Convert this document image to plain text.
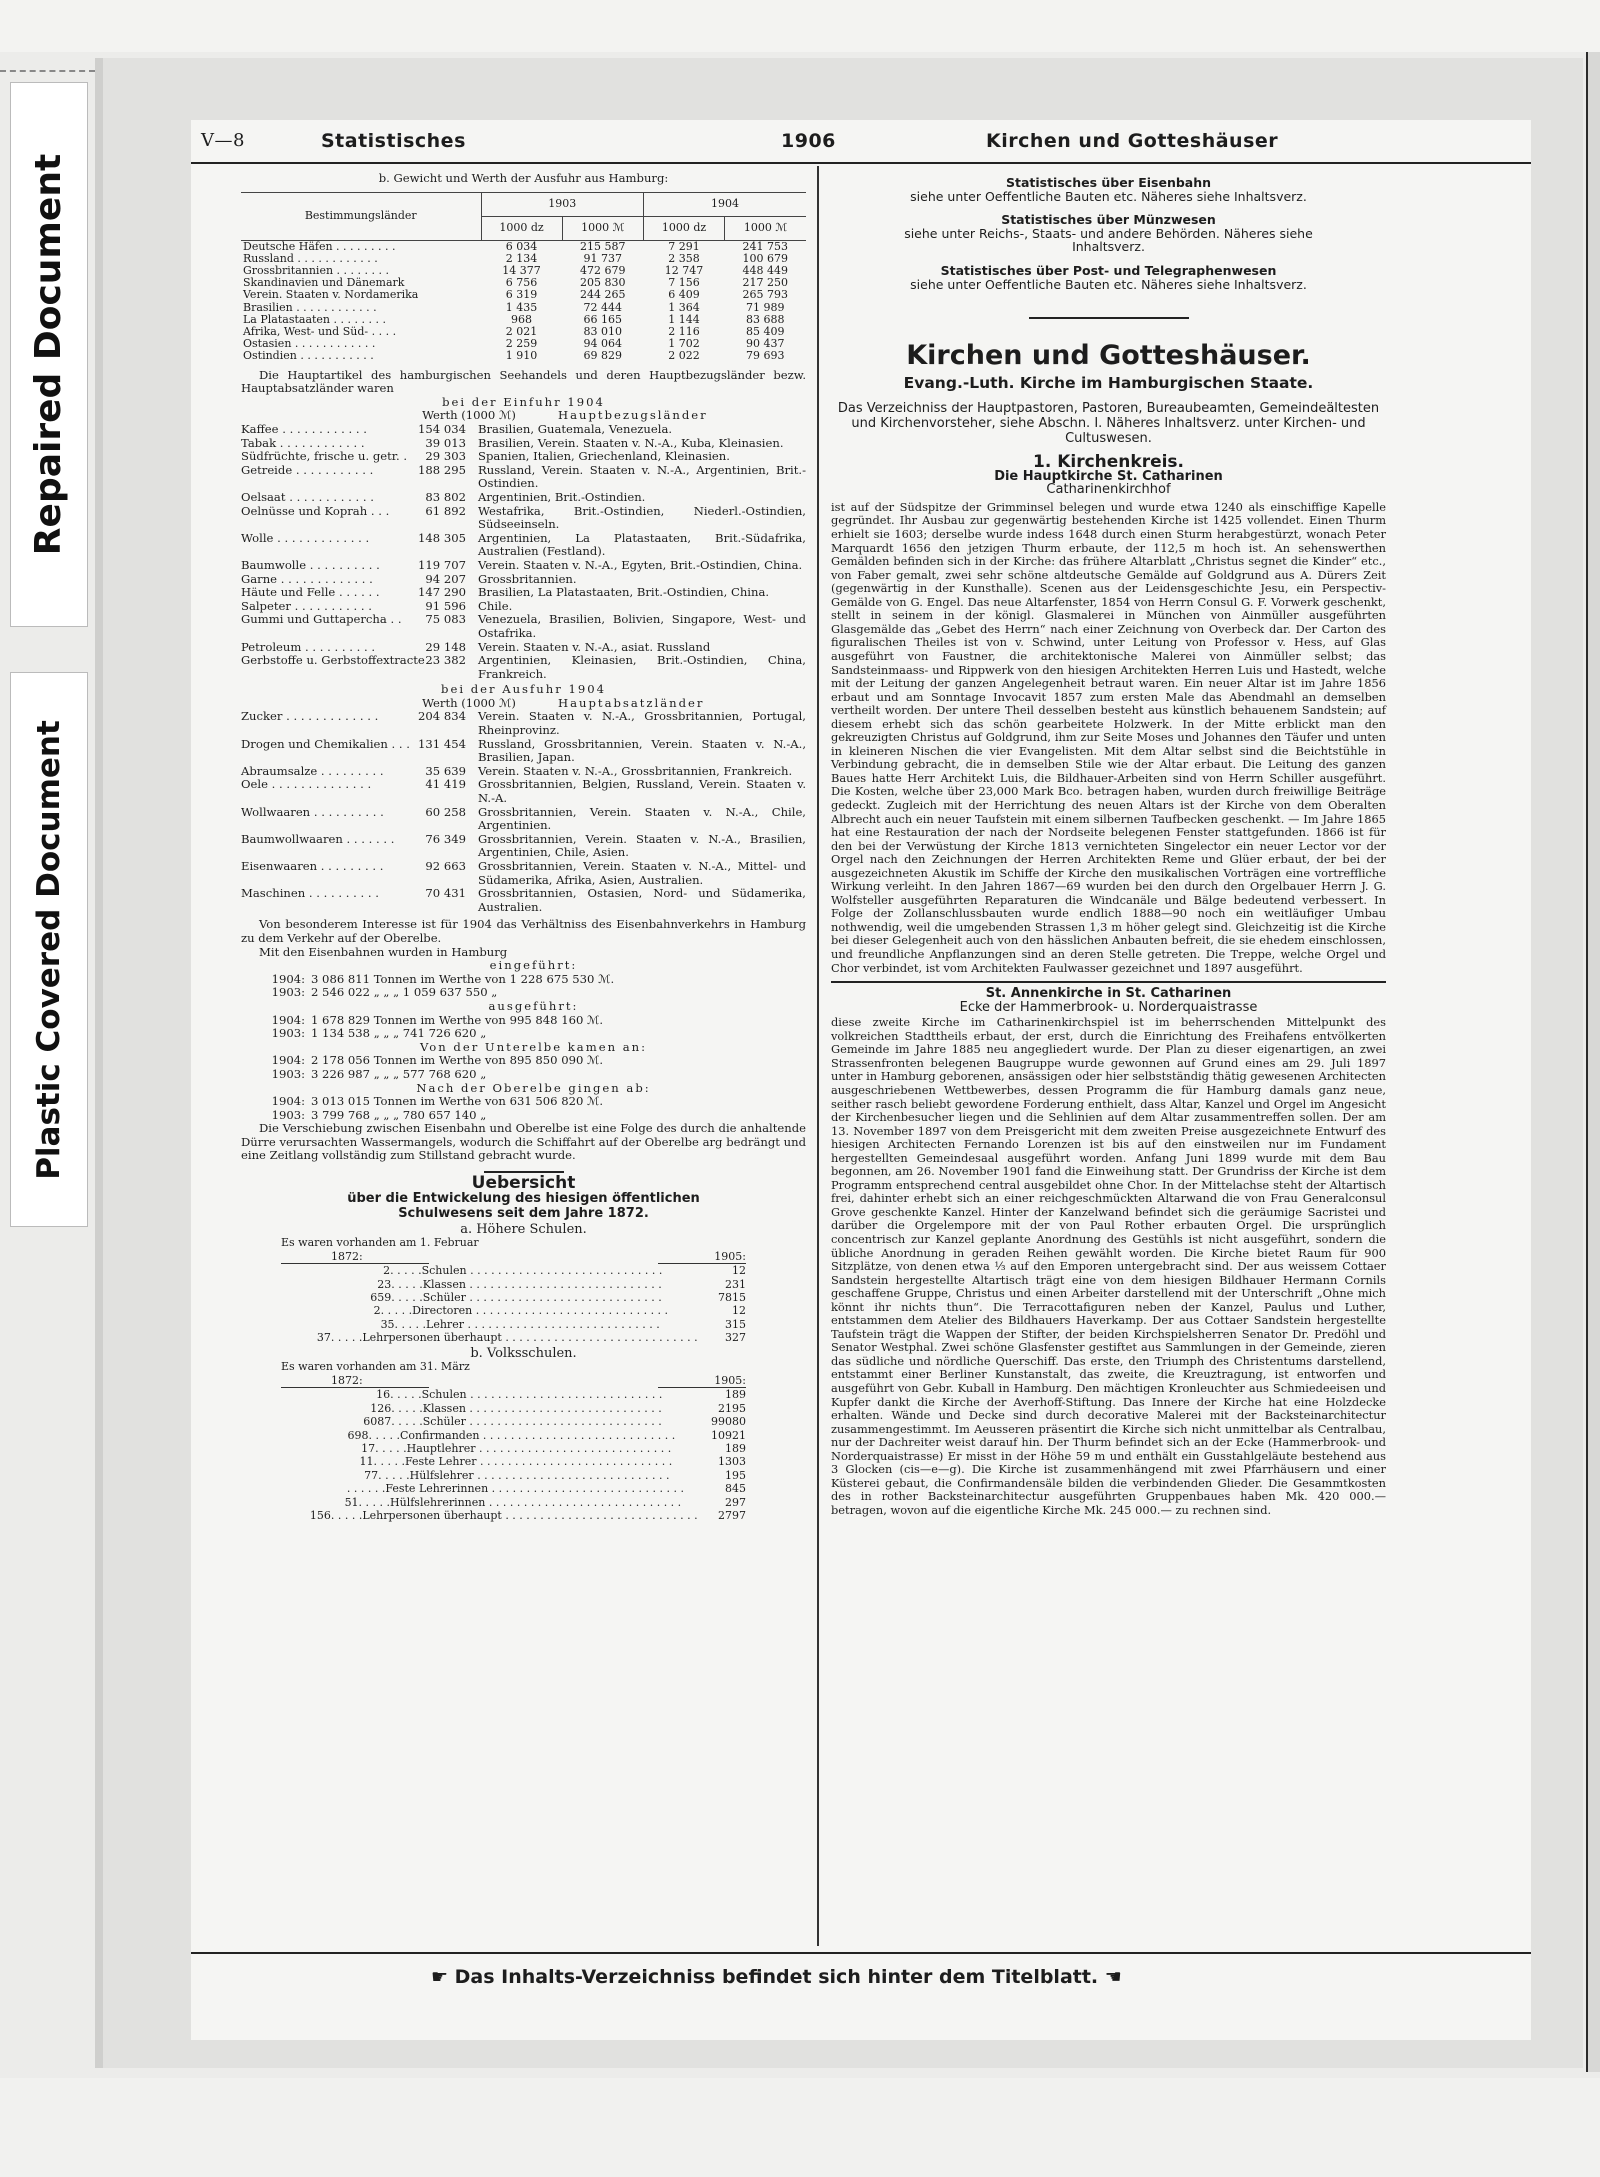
Repaired Document
Plastic Covered Document
V—8	Statistisches	1906	Kirchen und Gotteshäuser
b. Gewicht und Werth der Ausfuhr aus Hamburg:
Bestimmungsländer	1903		1904	
	1000 dz	1000 ℳ	1000 dz	1000 ℳ
Deutsche Häfen . . . . . . . . .	6 034	215 587	7 291	241 753
Russland . . . . . . . . . . . .	2 134	91 737	2 358	100 679
Grossbritannien . . . . . . . .	14 377	472 679	12 747	448 449
Skandinavien und Dänemark	6 756	205 830	7 156	217 250
Verein. Staaten v. Nordamerika	6 319	244 265	6 409	265 793
Brasilien . . . . . . . . . . . .	1 435	72 444	1 364	71 989
La Platastaaten . . . . . . . .	968	66 165	1 144	83 688
Afrika, West- und Süd- . . . .	2 021	83 010	2 116	85 409
Ostasien . . . . . . . . . . . .	2 259	94 064	1 702	90 437
Ostindien . . . . . . . . . . .	1 910	69 829	2 022	79 693
Die Hauptartikel des hamburgischen Seehandels und deren Hauptbezugsländer bezw. Hauptabsatzländer waren
bei der Einfuhr 1904
Werth (1000 ℳ)	Hauptbezugsländer
Kaffee . . . . . . . . . . . .	154 034	Brasilien, Guatemala, Venezuela.
Tabak . . . . . . . . . . . .	39 013	Brasilien, Verein. Staaten v. N.-A., Kuba, Kleinasien.
Südfrüchte, frische u. getr. .	29 303	Spanien, Italien, Griechenland, Kleinasien.
Getreide . . . . . . . . . . .	188 295	Russland, Verein. Staaten v. N.-A., Argentinien, Brit.-Ostindien.
Oelsaat . . . . . . . . . . . .	83 802	Argentinien, Brit.-Ostindien.
Oelnüsse und Koprah . . .	61 892	Westafrika, Brit.-Ostindien, Niederl.-Ostindien, Südseeinseln.
Wolle . . . . . . . . . . . . .	148 305	Argentinien, La Platastaaten, Brit.-Südafrika, Australien (Festland).
Baumwolle . . . . . . . . . .	119 707	Verein. Staaten v. N.-A., Egyten, Brit.-Ostindien, China.
Garne . . . . . . . . . . . . .	94 207	Grossbritannien.
Häute und Felle . . . . . .	147 290	Brasilien, La Platastaaten, Brit.-Ostindien, China.
Salpeter . . . . . . . . . . .	91 596	Chile.
Gummi und Guttapercha . .	75 083	Venezuela, Brasilien, Bolivien, Singapore, West- und Ostafrika.
Petroleum . . . . . . . . . .	29 148	Verein. Staaten v. N.-A., asiat. Russland
Gerbstoffe u. Gerbstoffextracte 23 382	Argentinien, Kleinasien, Brit.-Ostindien, China, Frankreich.
bei der Ausfuhr 1904
Werth (1000 ℳ)	Hauptabsatzländer
Zucker . . . . . . . . . . . . .	204 834	Verein. Staaten v. N.-A., Grossbritannien, Portugal, Rheinprovinz.
Drogen und Chemikalien . . . 131 454	Russland, Grossbritannien, Verein. Staaten v. N.-A., Brasilien, Japan.
Abraumsalze . . . . . . . . .	35 639	Verein. Staaten v. N.-A., Grossbritannien, Frankreich.
Oele . . . . . . . . . . . . . .	41 419	Grossbritannien, Belgien, Russland, Verein. Staaten v. N.-A.
Wollwaaren . . . . . . . . . .	60 258	Grossbritannien, Verein. Staaten v. N.-A., Chile, Argentinien.
Baumwollwaaren . . . . . . .	76 349	Grossbritannien, Verein. Staaten v. N.-A., Brasilien, Argentinien, Chile, Asien.
Eisenwaaren . . . . . . . . .	92 663	Grossbritannien, Verein. Staaten v. N.-A., Mittel- und Südamerika, Afrika, Asien, Australien.
Maschinen . . . . . . . . . .	70 431	Grossbritannien, Ostasien, Nord- und Südamerika, Australien.
Von besonderem Interesse ist für 1904 das Verhältniss des Eisenbahnverkehrs in Hamburg zu dem Verkehr auf der Oberelbe.
Mit den Eisenbahnen wurden in Hamburg
eingeführt:
1904: 3 086 811 Tonnen im Werthe von 1 228 675 530 ℳ.
1903: 2 546 022 „ „ „ 1 059 637 550 „
ausgeführt:
1904: 1 678 829 Tonnen im Werthe von 995 848 160 ℳ.
1903: 1 134 538 „ „ „ 741 726 620 „
Von der Unterelbe kamen an:
1904: 2 178 056 Tonnen im Werthe von 895 850 090 ℳ.
1903: 3 226 987 „ „ „ 577 768 620 „
Nach der Oberelbe gingen ab:
1904: 3 013 015 Tonnen im Werthe von 631 506 820 ℳ.
1903: 3 799 768 „ „ „ 780 657 140 „
Die Verschiebung zwischen Eisenbahn und Oberelbe ist eine Folge des durch die anhaltende Dürre verursachten Wassermangels, wodurch die Schiffahrt auf der Oberelbe arg bedrängt und eine Zeitlang vollständig zum Stillstand gebracht wurde.
Uebersicht
über die Entwickelung des hiesigen öffentlichen Schulwesens seit dem Jahre 1872.
a. Höhere Schulen.
Es waren vorhanden am 1. Februar
1872:	1905:
2. . . . . Schulen . . . . . . . . . . . . . . . . . . . . . . . . . . . .	12
23. . . . . Klassen . . . . . . . . . . . . . . . . . . . . . . . . . . . .	231
659. . . . . Schüler . . . . . . . . . . . . . . . . . . . . . . . . . . . .	7815
2. . . . . Directoren . . . . . . . . . . . . . . . . . . . . . . . . . . . .	12
35. . . . . Lehrer . . . . . . . . . . . . . . . . . . . . . . . . . . . .	315
37. . . . . Lehrpersonen überhaupt . . . . . . . . . . . . . . . . . . . . . . . . . . . .	327
b. Volksschulen.
Es waren vorhanden am 31. März
1872:	1905:
16. . . . . Schulen . . . . . . . . . . . . . . . . . . . . . . . . . . . .	189
126. . . . . Klassen . . . . . . . . . . . . . . . . . . . . . . . . . . . .	2195
6087. . . . . Schüler . . . . . . . . . . . . . . . . . . . . . . . . . . . .	99080
698. . . . . Confirmanden . . . . . . . . . . . . . . . . . . . . . . . . . . . .	10921
17. . . . . Hauptlehrer . . . . . . . . . . . . . . . . . . . . . . . . . . . .	189
11. . . . . Feste Lehrer . . . . . . . . . . . . . . . . . . . . . . . . . . . .	1303
77. . . . . Hülfslehrer . . . . . . . . . . . . . . . . . . . . . . . . . . . .	195
. . . . . . Feste Lehrerinnen . . . . . . . . . . . . . . . . . . . . . . . . . . . .	845
51. . . . . Hülfslehrerinnen . . . . . . . . . . . . . . . . . . . . . . . . . . . .	297
156. . . . . Lehrpersonen überhaupt . . . . . . . . . . . . . . . . . . . . . . . . . . . .	2797
Statistisches über Eisenbahn
siehe unter Oeffentliche Bauten etc. Näheres siehe Inhaltsverz.
Statistisches über Münzwesen
siehe unter Reichs-, Staats- und andere Behörden. Näheres siehe Inhaltsverz.
Statistisches über Post- und Telegraphenwesen
siehe unter Oeffentliche Bauten etc. Näheres siehe Inhaltsverz.
Kirchen und Gotteshäuser.
Evang.-Luth. Kirche im Hamburgischen Staate.
Das Verzeichniss der Hauptpastoren, Pastoren, Bureaubeamten, Gemeindeältesten und Kirchenvorsteher, siehe Abschn. I. Näheres Inhaltsverz. unter Kirchen- und Cultuswesen.
1. Kirchenkreis.
Die Hauptkirche St. Catharinen
Catharinenkirchhof
ist auf der Südspitze der Grimminsel belegen und wurde etwa 1240 als einschiffige Kapelle gegründet. Ihr Ausbau zur gegenwärtig bestehenden Kirche ist 1425 vollendet. Einen Thurm erhielt sie 1603; derselbe wurde indess 1648 durch einen Sturm herabgestürzt, wonach Peter Marquardt 1656 den jetzigen Thurm erbaute, der 112,5 m hoch ist. An sehenswerthen Gemälden befinden sich in der Kirche: das frühere Altarblatt „Christus segnet die Kinder“ etc., von Faber gemalt, zwei sehr schöne altdeutsche Gemälde auf Goldgrund aus A. Dürers Zeit (gegenwärtig in der Kunsthalle). Scenen aus der Leidensgeschichte Jesu, ein Perspectiv-Gemälde von G. Engel. Das neue Altarfenster, 1854 von Herrn Consul G. F. Vorwerk geschenkt, stellt in seinem in der königl. Glasmalerei in München von Ainmüller ausgeführten Glasgemälde das „Gebet des Herrn“ nach einer Zeichnung von Overbeck dar. Der Carton des figuralischen Theiles ist von v. Schwind, unter Leitung von Professor v. Hess, auf Glas ausgeführt von Faustner, die architektonische Malerei von Ainmüller selbst; das Sandsteinmaass- und Rippwerk von den hiesigen Architekten Herren Luis und Hastedt, welche mit der Leitung der ganzen Angelegenheit betraut waren. Ein neuer Altar ist im Jahre 1856 erbaut und am Sonntage Invocavit 1857 zum ersten Male das Abendmahl an demselben vertheilt worden. Der untere Theil desselben besteht aus künstlich behauenem Sandstein; auf diesem erhebt sich das schön gearbeitete Holzwerk. In der Mitte erblickt man den gekreuzigten Christus auf Goldgrund, ihm zur Seite Moses und Johannes den Täufer und unten in kleineren Nischen die vier Evangelisten. Mit dem Altar selbst sind die Beichtstühle in Verbindung gebracht, die in demselben Stile wie der Altar erbaut. Die Leitung des ganzen Baues hatte Herr Architekt Luis, die Bildhauer-Arbeiten sind von Herrn Schiller ausgeführt. Die Kosten, welche über 23,000 Mark Bco. betragen haben, wurden durch freiwillige Beiträge gedeckt. Zugleich mit der Herrichtung des neuen Altars ist der Kirche von dem Oberalten Albrecht auch ein neuer Taufstein mit einem silbernen Taufbecken geschenkt. — Im Jahre 1865 hat eine Restauration der nach der Nordseite belegenen Fenster stattgefunden. 1866 ist für den bei der Verwüstung der Kirche 1813 vernichteten Singelector ein neuer Lector vor der Orgel nach den Zeichnungen der Herren Architekten Reme und Glüer erbaut, der bei der ausgezeichneten Akustik im Schiffe der Kirche den musikalischen Vorträgen eine vortreffliche Wirkung verleiht. In den Jahren 1867—69 wurden bei den durch den Orgelbauer Herrn J. G. Wolfsteller ausgeführten Reparaturen die Windcanäle und Bälge bedeutend verbessert. In Folge der Zollanschlussbauten wurde endlich 1888—90 noch ein weitläufiger Umbau nothwendig, weil die umgebenden Strassen 1,3 m höher gelegt sind. Gleichzeitig ist die Kirche bei dieser Gelegenheit auch von den hässlichen Anbauten befreit, die sie ehedem einschlossen, und freundliche Anpflanzungen sind an deren Stelle getreten. Die Treppe, welche Orgel und Chor verbindet, ist vom Architekten Faulwasser gezeichnet und 1897 ausgeführt.
St. Annenkirche in St. Catharinen
Ecke der Hammerbrook- u. Norderquaistrasse
diese zweite Kirche im Catharinenkirchspiel ist im beherrschenden Mittelpunkt des volkreichen Stadttheils erbaut, der erst, durch die Einrichtung des Freihafens entvölkerten Gemeinde im Jahre 1885 neu angegliedert wurde. Der Plan zu dieser eigenartigen, an zwei Strassenfronten belegenen Baugruppe wurde gewonnen auf Grund eines am 29. Juli 1897 unter in Hamburg geborenen, ansässigen oder hier selbstständig thätig gewesenen Architecten ausgeschriebenen Wettbewerbes, dessen Programm die für Hamburg damals ganz neue, seither rasch beliebt gewordene Forderung enthielt, dass Altar, Kanzel und Orgel im Angesicht der Kirchenbesucher liegen und die Sehlinien auf dem Altar zusammentreffen sollen. Der am 13. November 1897 von dem Preisgericht mit dem zweiten Preise ausgezeichnete Entwurf des hiesigen Architecten Fernando Lorenzen ist bis auf den einstweilen nur im Fundament hergestellten Gemeindesaal ausgeführt worden. Anfang Juni 1899 wurde mit dem Bau begonnen, am 26. November 1901 fand die Einweihung statt. Der Grundriss der Kirche ist dem Programm entsprechend central ausgebildet ohne Chor. In der Mittelachse steht der Altartisch frei, dahinter erhebt sich an einer reichgeschmückten Altarwand die von Frau Generalconsul Grove geschenkte Kanzel. Hinter der Kanzelwand befindet sich die geräumige Sacristei und darüber die Orgelempore mit der von Paul Rother erbauten Orgel. Die ursprünglich concentrisch zur Kanzel geplante Anordnung des Gestühls ist nicht ausgeführt, sondern die übliche Anordnung in geraden Reihen gewählt worden. Die Kirche bietet Raum für 900 Sitzplätze, von denen etwa ⅓ auf den Emporen untergebracht sind. Der aus weissem Cottaer Sandstein hergestellte Altartisch trägt eine von dem hiesigen Bildhauer Hermann Cornils geschaffene Gruppe, Christus und einen Arbeiter darstellend mit der Unterschrift „Ohne mich könnt ihr nichts thun“. Die Terracottafiguren neben der Kanzel, Paulus und Luther, entstammen dem Atelier des Bildhauers Haverkamp. Der aus Cottaer Sandstein hergestellte Taufstein trägt die Wappen der Stifter, der beiden Kirchspielsherren Senator Dr. Predöhl und Senator Westphal. Zwei schöne Glasfenster gestiftet aus Sammlungen in der Gemeinde, zieren das südliche und nördliche Querschiff. Das erste, den Triumph des Christentums darstellend, entstammt einer Berliner Kunstanstalt, das zweite, die Kreuztragung, ist entworfen und ausgeführt von Gebr. Kuball in Hamburg. Den mächtigen Kronleuchter aus Schmiedeeisen und Kupfer dankt die Kirche der Averhoff-Stiftung. Das Innere der Kirche hat eine Holzdecke erhalten. Wände und Decke sind durch decorative Malerei mit der Backsteinarchitectur zusammengestimmt. Im Aeusseren präsentirt die Kirche sich nicht unmittelbar als Centralbau, nur der Dachreiter weist darauf hin. Der Thurm befindet sich an der Ecke (Hammerbrook- und Norderquaistrasse) Er misst in der Höhe 59 m und enthält ein Gusstahlgeläute bestehend aus 3 Glocken (cis—e—g). Die Kirche ist zusammenhängend mit zwei Pfarrhäusern und einer Küsterei gebaut, die Confirmandensäle bilden die verbindenden Glieder. Die Gesammtkosten des in rother Backsteinarchitectur ausgeführten Gruppenbaues haben Mk. 420 000.— betragen, wovon auf die eigentliche Kirche Mk. 245 000.— zu rechnen sind.
☛ Das Inhalts-Verzeichniss befindet sich hinter dem Titelblatt. ☚
